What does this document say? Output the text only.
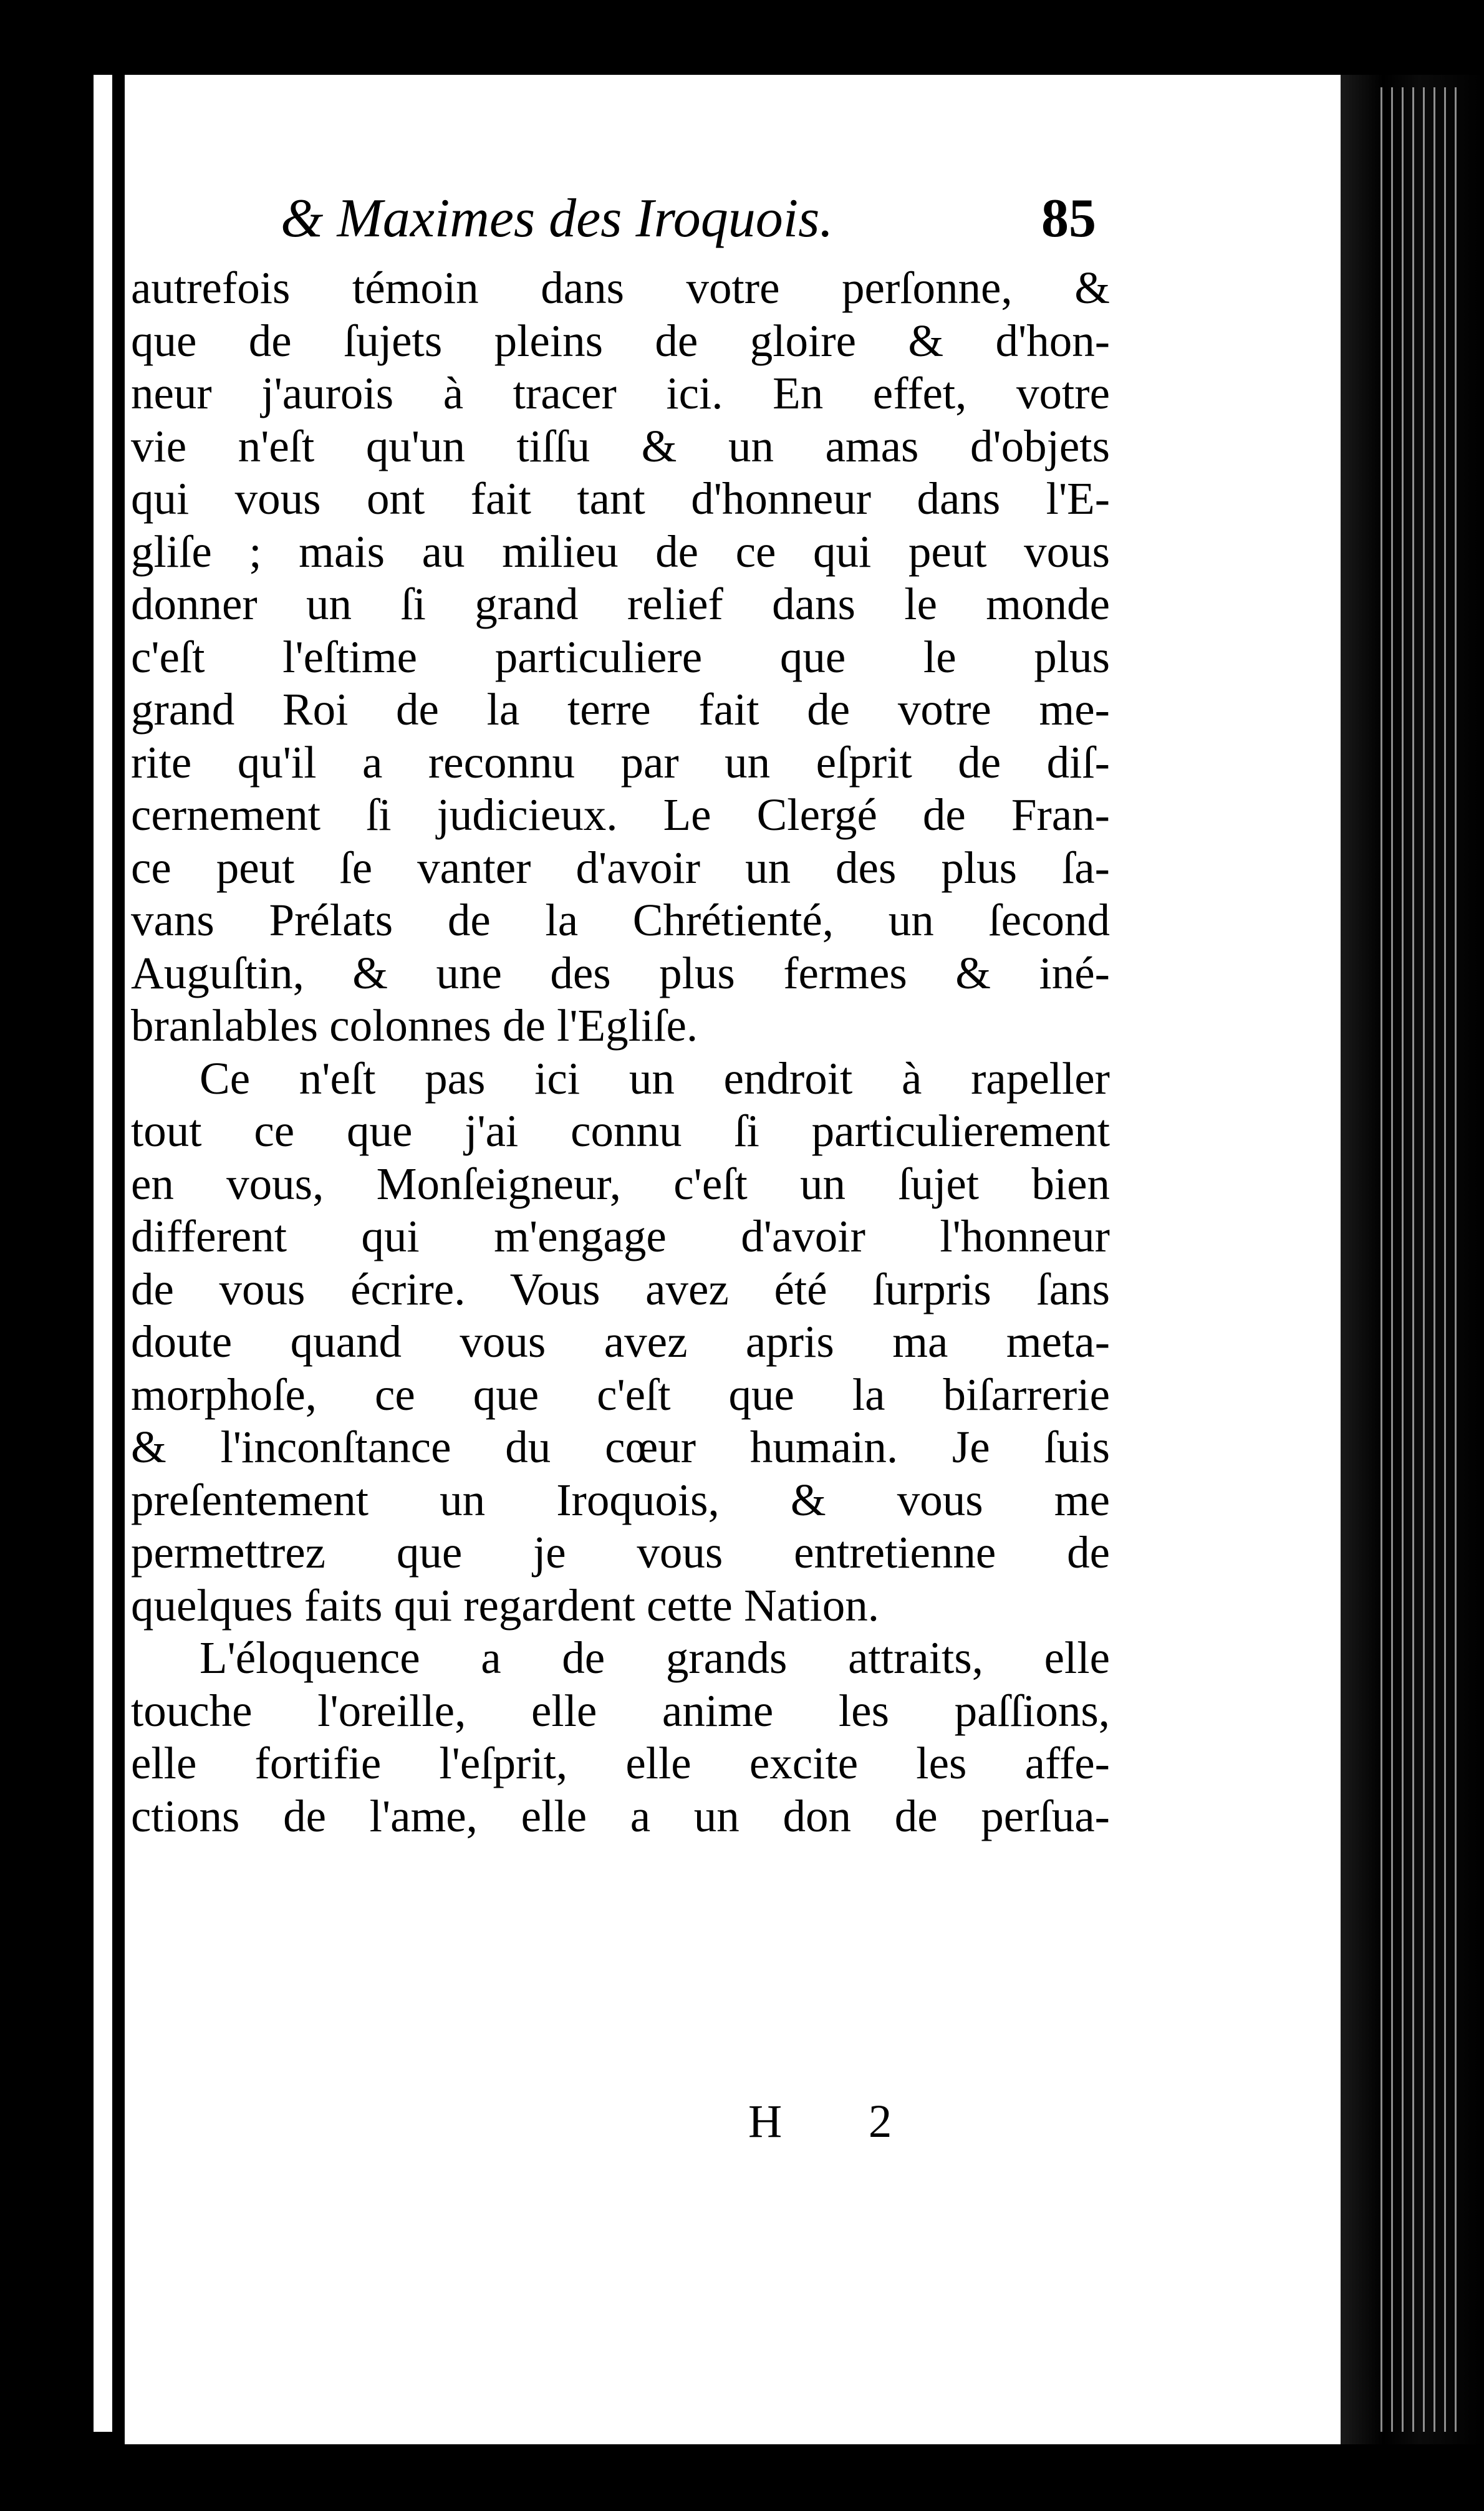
& Maximes des Iroquois.	85
autrefois témoin dans votre perſonne, &
que de ſujets pleins de gloire & d'hon-
neur j'aurois à tracer ici. En effet, votre
vie n'eſt qu'un tiſſu & un amas d'objets
qui vous ont fait tant d'honneur dans l'E-
gliſe ; mais au milieu de ce qui peut vous
donner un ſi grand relief dans le monde
c'eſt l'eſtime particuliere que le plus
grand Roi de la terre fait de votre me-
rite qu'il a reconnu par un eſprit de diſ-
cernement ſi judicieux. Le Clergé de Fran-
ce peut ſe vanter d'avoir un des plus ſa-
vans Prélats de la Chrétienté, un ſecond
Auguſtin, & une des plus fermes & iné-
branlables colonnes de l'Egliſe.
Ce n'eſt pas ici un endroit à rapeller
tout ce que j'ai connu ſi particulierement
en vous, Monſeigneur, c'eſt un ſujet bien
different qui m'engage d'avoir l'honneur
de vous écrire. Vous avez été ſurpris ſans
doute quand vous avez apris ma meta-
morphoſe, ce que c'eſt que la biſarrerie
& l'inconſtance du cœur humain. Je ſuis
preſentement un Iroquois, & vous me
permettrez que je vous entretienne de
quelques faits qui regardent cette Nation.
L'éloquence a de grands attraits, elle
touche l'oreille, elle anime les paſſions,
elle fortifie l'eſprit, elle excite les affe-
ctions de l'ame, elle a un don de perſua-
H 2
